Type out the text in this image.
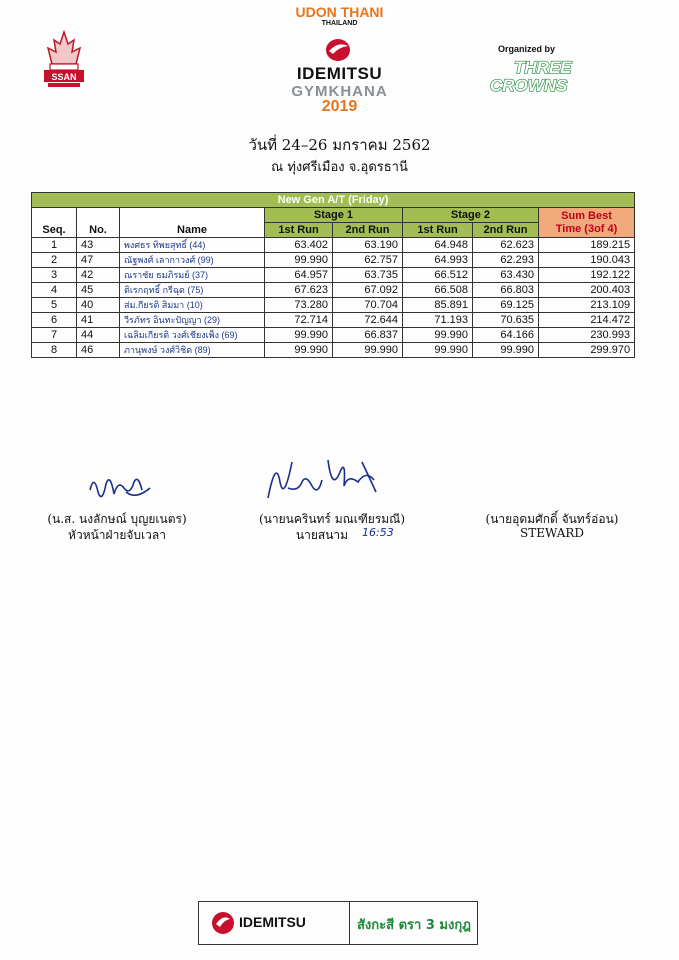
SSAN
UDON THANI
THAILAND
IDEMITSU
GYMKHANA
2019
Organized by
THREE
CROWNS
วันที่ 24–26 มกราคม 2562
ณ ทุ่งศรีเมือง จ.อุดรธานี
New Gen A/T (Friday)							
Seq.	No.	Name	Stage 1		Stage 2		Sum Best
Time (3of 4)
			1st Run	2nd Run	1st Run	2nd Run	
1	43	พงศธร ทิพยสุทธิ์ (44)	63.402	63.190	64.948	62.623	189.215
2	47	ณัฐพงศ์ เลากาวงศ์ (99)	99.990	62.757	64.993	62.293	190.043
3	42	ณราชัย ธมภิรมย์ (37)	64.957	63.735	66.512	63.430	192.122
4	45	ติเรกฤทธิ์ กรีฉุด (75)	67.623	67.092	66.508	66.803	200.403
5	40	ส่ม.กียรติ สิมมา (10)	73.280	70.704	85.891	69.125	213.109
6	41	วีรภัทร อินทะปัญญา (29)	72.714	72.644	71.193	70.635	214.472
7	44	เฉลิมเกียรติ วงศ์เชียงเพ็ง (69)	99.990	66.837	99.990	64.166	230.993
8	46	ภานุพงษ์ วงศ์วิชิต (89)	99.990	99.990	99.990	99.990	299.970
(น.ส. นงลักษณ์ บุญยเนตร)
หัวหน้าฝ่ายจับเวลา
(นายนครินทร์ มณเฑียรมณี)
นายสนาม	16:53
(นายอุดมศักดิ์ จันทร์อ่อน)
STEWARD
IDEMITSU	สังกะสี ตรา 3 มงกุฎ
